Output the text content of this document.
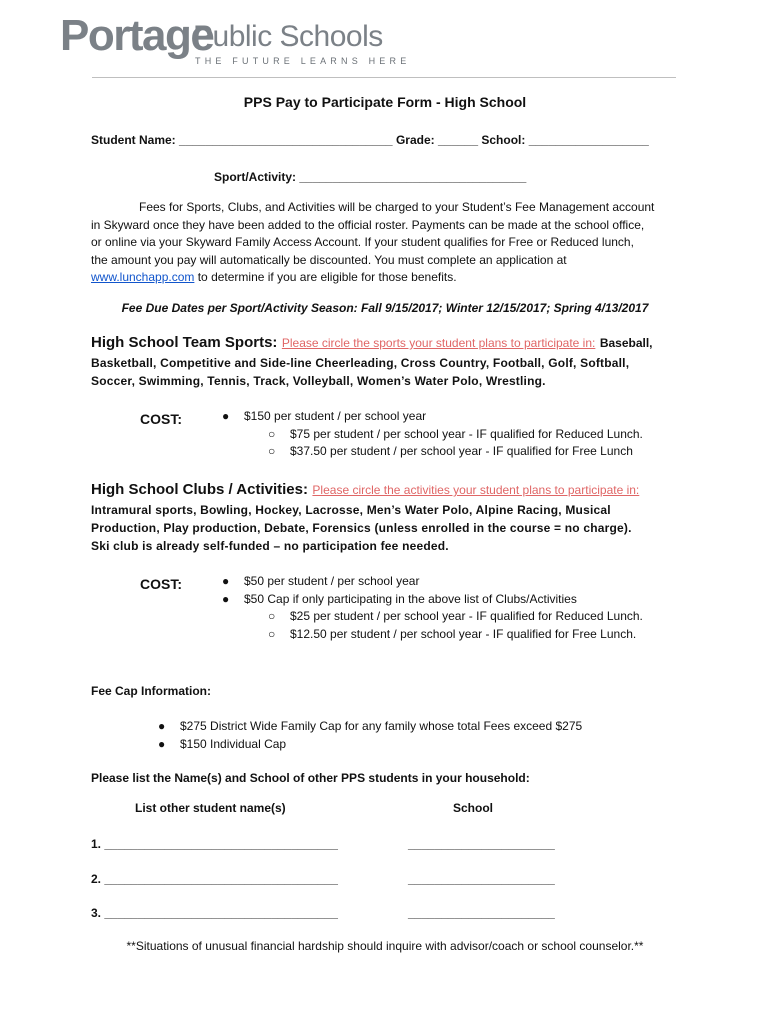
Portage
Public Schools
THE FUTURE LEARNS HERE
PPS Pay to Participate Form - High School
Student Name: ________________________________ Grade: ______ School: __________________
Sport/Activity: __________________________________
Fees for Sports, Clubs, and Activities will be charged to your Student’s Fee Management account
in Skyward once they have been added to the official roster. Payments can be made at the school office,
or online via your Skyward Family Access Account. If your student qualifies for Free or Reduced lunch,
the amount you pay will automatically be discounted. You must complete an application at
www.lunchapp.com to determine if you are eligible for those benefits.
Fee Due Dates per Sport/Activity Season: Fall 9/15/2017; Winter 12/15/2017; Spring 4/13/2017
High School Team Sports: Please circle the sports your student plans to participate in: Baseball,
Basketball, Competitive and Side-line Cheerleading, Cross Country, Football, Golf, Softball,
Soccer, Swimming, Tennis, Track, Volleyball, Women’s Water Polo, Wrestling.
COST:	● $150 per student / per school year
○ $75 per student / per school year - IF qualified for Reduced Lunch.
○ $37.50 per student / per school year - IF qualified for Free Lunch
High School Clubs / Activities: Please circle the activities your student plans to participate in:
Intramural sports, Bowling, Hockey, Lacrosse, Men’s Water Polo, Alpine Racing, Musical
Production, Play production, Debate, Forensics (unless enrolled in the course = no charge).
Ski club is already self-funded – no participation fee needed.
COST:	● $50 per student / per school year
● $50 Cap if only participating in the above list of Clubs/Activities
○ $25 per student / per school year - IF qualified for Reduced Lunch.
○ $12.50 per student / per school year - IF qualified for Free Lunch.
Fee Cap Information:
● $275 District Wide Family Cap for any family whose total Fees exceed $275
● $150 Individual Cap
Please list the Name(s) and School of other PPS students in your household:
List other student name(s)	School
1. ___________________________________	______________________
2. ___________________________________	______________________
3. ___________________________________	______________________
**Situations of unusual financial hardship should inquire with advisor/coach or school counselor.**
